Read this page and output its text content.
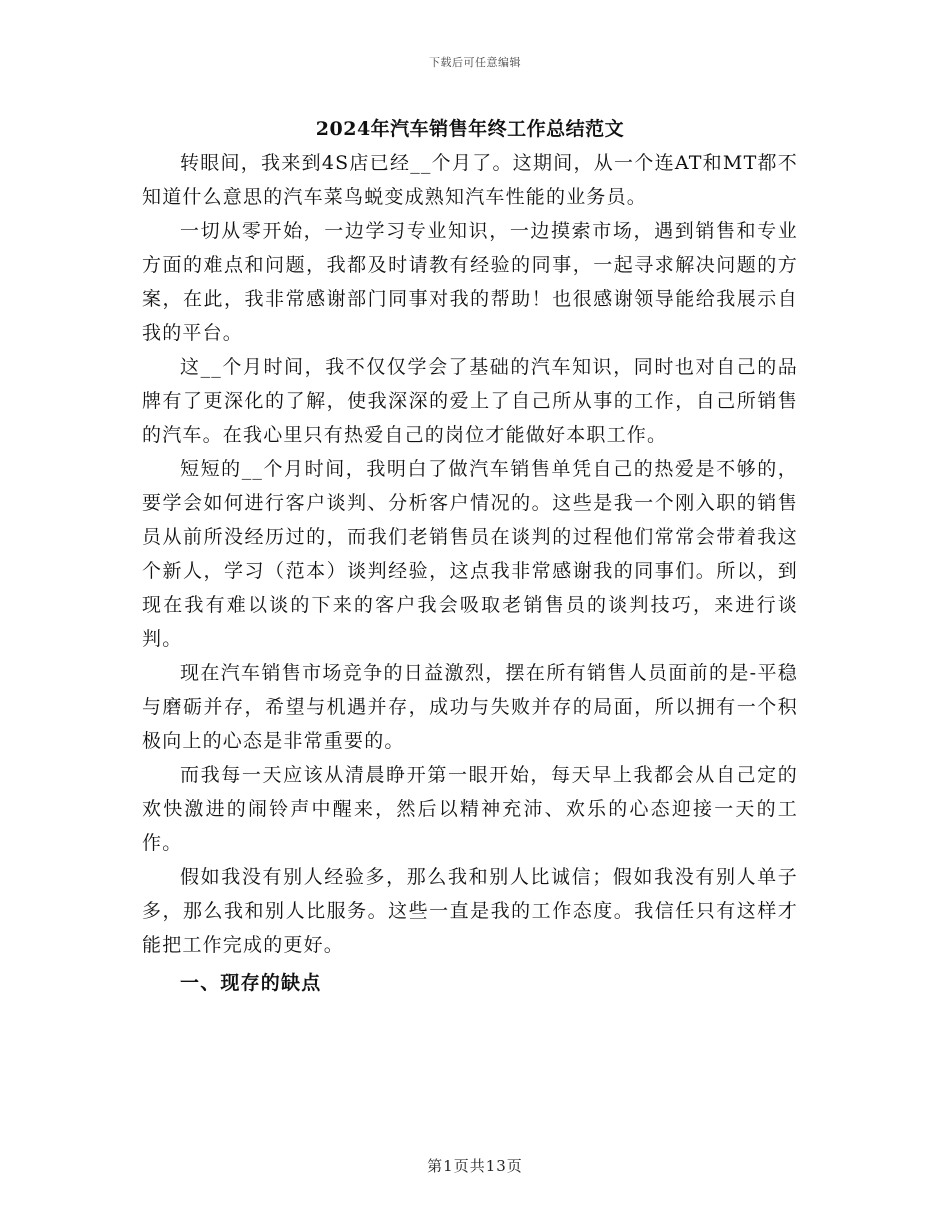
下载后可任意编辑
2024年汽车销售年终工作总结范文

转眼间，我来到4S店已经__个月了。这期间，从一个连AT和MT都不知道什么意思的汽车菜鸟蜕变成熟知汽车性能的业务员。

一切从零开始，一边学习专业知识，一边摸索市场，遇到销售和专业方面的难点和问题，我都及时请教有经验的同事，一起寻求解决问题的方案，在此，我非常感谢部门同事对我的帮助！也很感谢领导能给我展示自我的平台。

这__个月时间，我不仅仅学会了基础的汽车知识，同时也对自己的品牌有了更深化的了解，使我深深的爱上了自己所从事的工作，自己所销售的汽车。在我心里只有热爱自己的岗位才能做好本职工作。

短短的__个月时间，我明白了做汽车销售单凭自己的热爱是不够的，要学会如何进行客户谈判、分析客户情况的。这些是我一个刚入职的销售员从前所没经历过的，而我们老销售员在谈判的过程他们常常会带着我这个新人，学习（范本）谈判经验，这点我非常感谢我的同事们。所以，到现在我有难以谈的下来的客户我会吸取老销售员的谈判技巧，来进行谈判。

现在汽车销售市场竞争的日益激烈，摆在所有销售人员面前的是-平稳与磨砺并存，希望与机遇并存，成功与失败并存的局面，所以拥有一个积极向上的心态是非常重要的。

而我每一天应该从清晨睁开第一眼开始，每天早上我都会从自己定的欢快激进的闹铃声中醒来，然后以精神充沛、欢乐的心态迎接一天的工作。

假如我没有别人经验多，那么我和别人比诚信；假如我没有别人单子多，那么我和别人比服务。这些一直是我的工作态度。我信任只有这样才能把工作完成的更好。

一、现存的缺点

第1页共13页
